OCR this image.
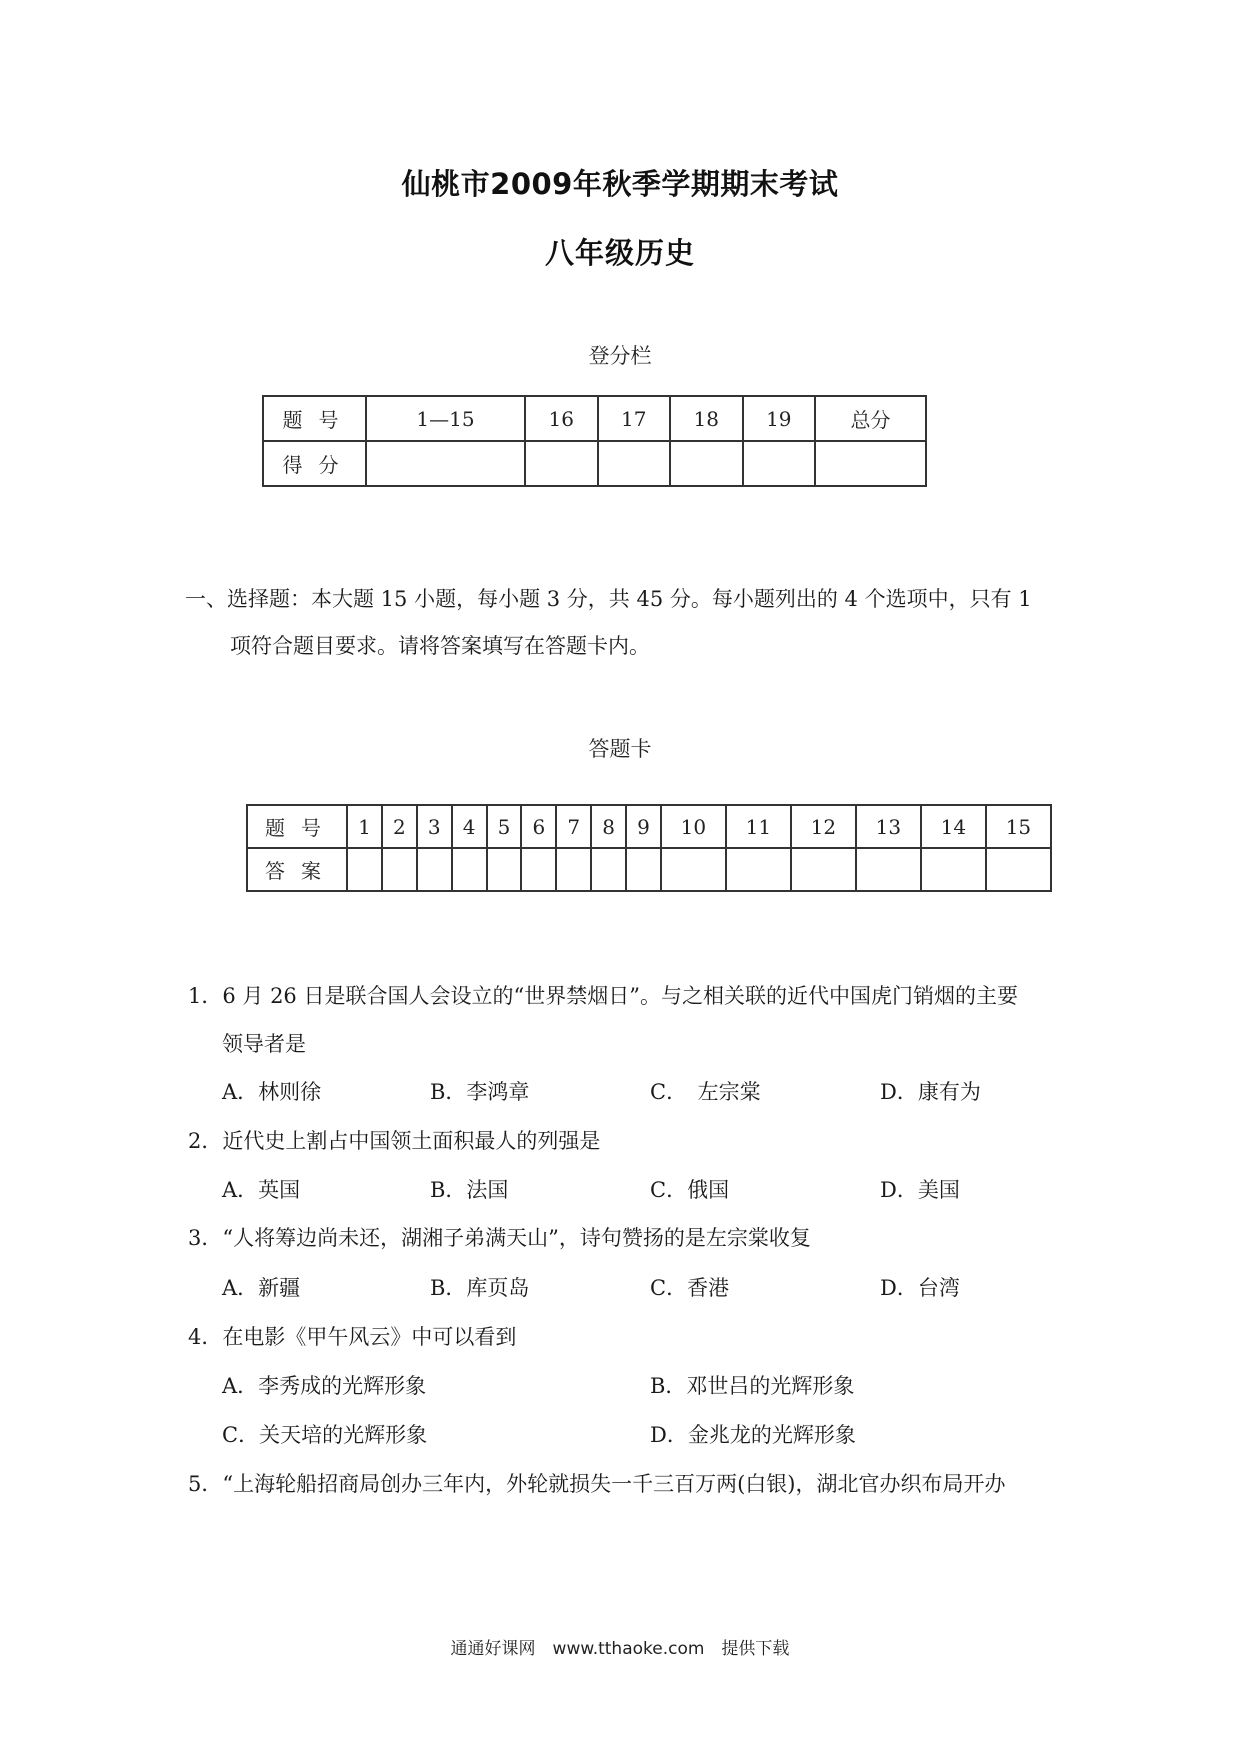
仙桃市2009年秋季学期期末考试
八年级历史
登分栏
题号	1—15	16	17	18	19	总分
得分						
一、选择题：本大题 15 小题，每小题 3 分，共 45 分。每小题列出的 4 个选项中，只有 1
项符合题目要求。请将答案填写在答题卡内。
答题卡
题号	1	2	3	4	5	6	7	8	9	10	11	12	13	14	15
答案															
1．6 月 26 日是联合国人会设立的“世界禁烟日”。与之相关联的近代中国虎门销烟的主要
领导者是
A．林则徐	B．李鸿章	C．　左宗棠	D．康有为
2．近代史上割占中国领土面积最人的列强是
A．英国	B．法国	C．俄国	D．美国
3．“人将筹边尚未还，湖湘子弟满天山”，诗句赞扬的是左宗棠收复
A．新疆	B．库页岛	C．香港	D．台湾
4．在电影《甲午风云》中可以看到
A．李秀成的光辉形象	B．邓世吕的光辉形象
C．关天培的光辉形象	D．金兆龙的光辉形象
5．“上海轮船招商局创办三年内，外轮就损失一千三百万两(白银)，湖北官办织布局开办
通通好课网　www.tthaoke.com　提供下载
